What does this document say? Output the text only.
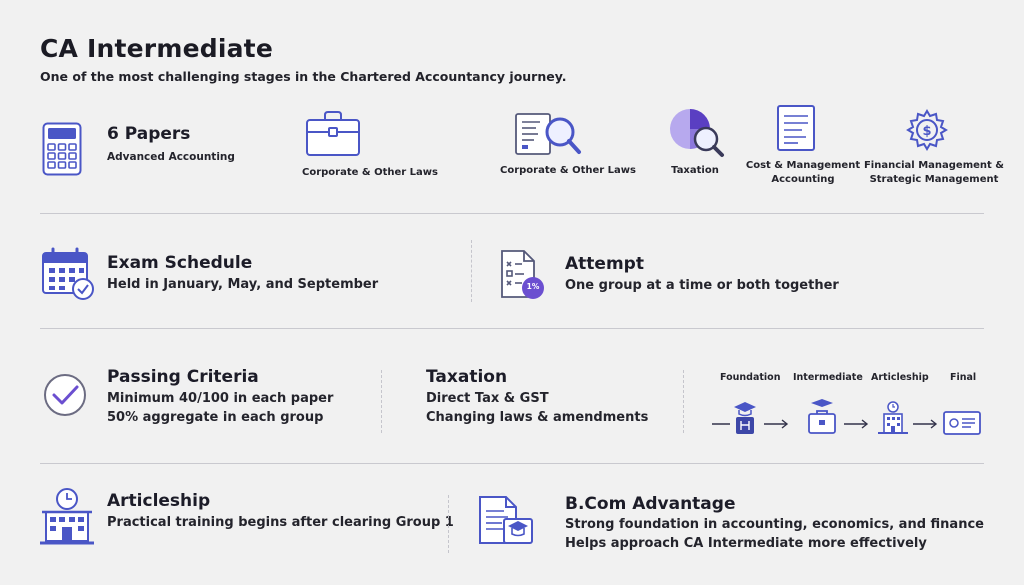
CA Intermediate
One of the most challenging stages in the Chartered Accountancy journey.
6 Papers
Advanced Accounting
Corporate & Other Laws	Corporate & Other Laws	Taxation	Cost & Management
Accounting
$
Financial Management &
Strategic Management
Exam Schedule
Held in January, May, and September	1%
Attempt
One group at a time or both together
Passing Criteria
Minimum 40/100 in each paper
50% aggregate in each group
Taxation
Direct Tax & GST
Changing laws & amendments
Foundation Intermediate Articleship Final
Articleship
Practical training begins after clearing Group 1
B.Com Advantage
Strong foundation in accounting, economics, and finance
Helps approach CA Intermediate more effectively
